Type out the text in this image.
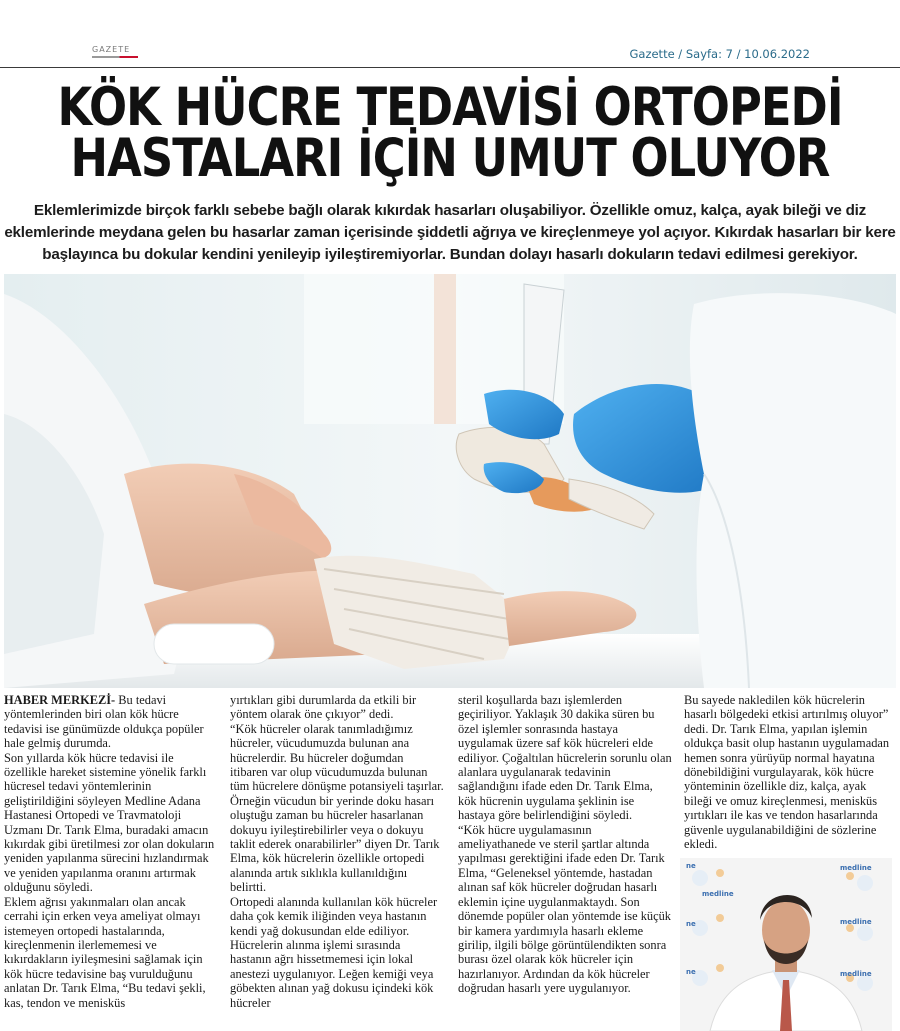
GAZETE	Gazette / Sayfa: 7 / 10.06.2022
KÖK HÜCRE TEDAVİSİ ORTOPEDİ
HASTALARI İÇİN UMUT OLUYOR

Eklemlerimizde birçok farklı sebebe bağlı olarak kıkırdak hasarları oluşabiliyor. Özellikle omuz, kalça, ayak bileği ve diz eklemlerinde meydana gelen bu hasarlar zaman içerisinde şiddetli ağrıya ve kireçlenmeye yol açıyor. Kıkırdak hasarları bir kere başlayınca bu dokular kendini yenileyip iyileştiremiyorlar. Bundan dolayı hasarlı dokuların tedavi edilmesi gerekiyor.

HABER MERKEZİ- Bu tedavi yöntemlerinden biri olan kök hücre tedavisi ise günümüzde oldukça popüler hale gelmiş durumda.

Son yıllarda kök hücre tedavisi ile özellikle hareket sistemine yönelik farklı hücresel tedavi yöntemlerinin geliştirildiğini söyleyen Medline Adana Hastanesi Ortopedi ve Travmatoloji Uzmanı Dr. Tarık Elma, buradaki amacın kıkırdak gibi üretilmesi zor olan dokuların yeniden yapılanma sürecini hızlandırmak ve yeniden yapılanma oranını artırmak olduğunu söyledi.

Eklem ağrısı yakınmaları olan ancak cerrahi için erken veya ameliyat olmayı istemeyen ortopedi hastalarında, kireçlenmenin ilerlememesi ve kıkırdakların iyileşmesini sağlamak için kök hücre tedavisine baş vurulduğunu anlatan Dr. Tarık Elma, “Bu tedavi şekli, kas, tendon ve menisküs

yırtıkları gibi durumlarda da etkili bir yöntem olarak öne çıkıyor” dedi.

“Kök hücreler olarak tanımladığımız hücreler, vücudumuzda bulunan ana hücrelerdir. Bu hücreler doğumdan itibaren var olup vücudumuzda bulunan tüm hücrelere dönüşme potansiyeli taşırlar. Örneğin vücudun bir yerinde doku hasarı oluştuğu zaman bu hücreler hasarlanan dokuyu iyileştirebilirler veya o dokuyu taklit ederek onarabilirler” diyen Dr. Tarık Elma, kök hücrelerin özellikle ortopedi alanında artık sıklıkla kullanıldığını belirtti.

Ortopedi alanında kullanılan kök hücreler daha çok kemik iliğinden veya hastanın kendi yağ dokusundan elde ediliyor. Hücrelerin alınma işlemi sırasında hastanın ağrı hissetmemesi için lokal anestezi uygulanıyor. Leğen kemiği veya göbekten alınan yağ dokusu içindeki kök hücreler

steril koşullarda bazı işlemlerden geçiriliyor. Yaklaşık 30 dakika süren bu özel işlemler sonrasında hastaya uygulamak üzere saf kök hücreleri elde ediliyor. Çoğaltılan hücrelerin sorunlu olan alanlara uygulanarak tedavinin sağlandığını ifade eden Dr. Tarık Elma, kök hücrenin uygulama şeklinin ise hastaya göre belirlendiğini söyledi.

“Kök hücre uygulamasının ameliyathanede ve steril şartlar altında yapılması gerektiğini ifade eden Dr. Tarık Elma, “Geleneksel yöntemde, hastadan alınan saf kök hücreler doğrudan hasarlı eklemin içine uygulanmaktaydı. Son dönemde popüler olan yöntemde ise küçük bir kamera yardımıyla hasarlı ekleme girilip, ilgili bölge görüntülendikten sonra burası özel olarak kök hücreler için hazırlanıyor. Ardından da kök hücreler doğrudan hasarlı yere uygulanıyor.

Bu sayede nakledilen kök hücrelerin hasarlı bölgedeki etkisi artırılmış oluyor” dedi. Dr. Tarık Elma, yapılan işlemin oldukça basit olup hastanın uygulamadan hemen sonra yürüyüp normal hayatına dönebildiğini vurgulayarak, kök hücre yönteminin özellikle diz, kalça, ayak bileği ve omuz kireçlenmesi, menisküs yırtıkları ile kas ve tendon hasarlarında güvenle uygulanabildiğini de sözlerine ekledi.

medline
ne
medline
medline
ne
medline
ne
